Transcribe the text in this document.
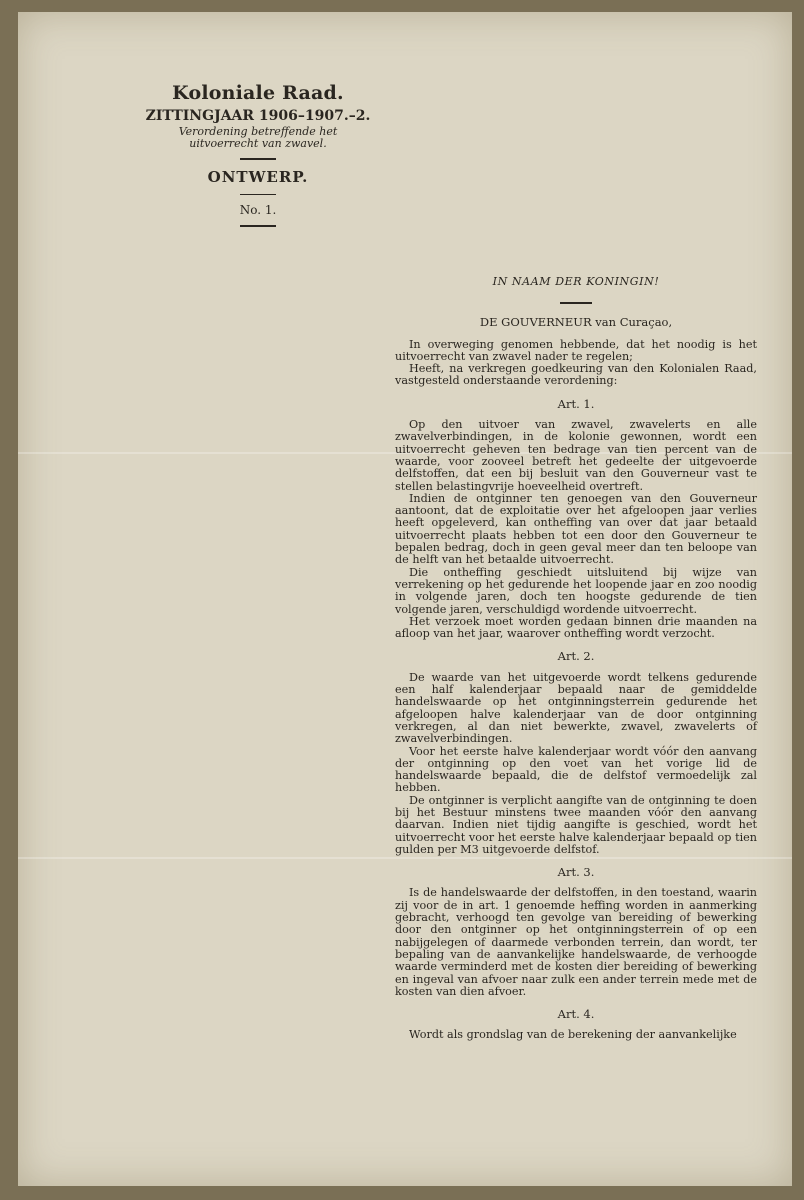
Koloniale Raad.
ZITTINGJAAR 1906–1907.–2.
Verordening betreffende het uitvoerrecht van zwavel.
ONTWERP.
No. 1.
IN NAAM DER KONINGIN!
DE GOUVERNEUR van Curaçao,

In overweging genomen hebbende, dat het noodig is het uitvoerrecht van zwavel nader te regelen;

Heeft, na verkregen goedkeuring van den Kolonialen Raad, vastgesteld onderstaande verordening:

Art. 1.

Op den uitvoer van zwavel, zwavelerts en alle zwavelverbindingen, in de kolonie gewonnen, wordt een uitvoerrecht geheven ten bedrage van tien percent van de waarde, voor zooveel betreft het gedeelte der uitgevoerde delfstoffen, dat een bij besluit van den Gouverneur vast te stellen belastingvrije hoeveelheid overtreft.

Indien de ontginner ten genoegen van den Gouverneur aantoont, dat de exploitatie over het afgeloopen jaar verlies heeft opgeleverd, kan ontheffing van over dat jaar betaald uitvoerrecht plaats hebben tot een door den Gouverneur te bepalen bedrag, doch in geen geval meer dan ten beloope van de helft van het betaalde uitvoerrecht.

Die ontheffing geschiedt uitsluitend bij wijze van verrekening op het gedurende het loopende jaar en zoo noodig in volgende jaren, doch ten hoogste gedurende de tien volgende jaren, verschuldigd wordende uitvoerrecht.

Het verzoek moet worden gedaan binnen drie maanden na afloop van het jaar, waarover ontheffing wordt verzocht.

Art. 2.

De waarde van het uitgevoerde wordt telkens gedurende een half kalenderjaar bepaald naar de gemiddelde handelswaarde op het ontginningsterrein gedurende het afgeloopen halve kalenderjaar van de door ontginning verkregen, al dan niet bewerkte, zwavel, zwavelerts of zwavelverbindingen.

Voor het eerste halve kalenderjaar wordt vóór den aanvang der ontginning op den voet van het vorige lid de handelswaarde bepaald, die de delfstof vermoedelijk zal hebben.

De ontginner is verplicht aangifte van de ontginning te doen bij het Bestuur minstens twee maanden vóór den aanvang daarvan. Indien niet tijdig aangifte is geschied, wordt het uitvoerrecht voor het eerste halve kalenderjaar bepaald op tien gulden per M3 uitgevoerde delfstof.

Art. 3.

Is de handelswaarde der delfstoffen, in den toestand, waarin zij voor de in art. 1 genoemde heffing worden in aanmerking gebracht, verhoogd ten gevolge van bereiding of bewerking door den ontginner op het ontginningsterrein of op een nabijgelegen of daarmede verbonden terrein, dan wordt, ter bepaling van de aanvankelijke handelswaarde, de verhoogde waarde verminderd met de kosten dier bereiding of bewerking en ingeval van afvoer naar zulk een ander terrein mede met de kosten van dien afvoer.

Art. 4.

Wordt als grondslag van de berekening der aanvankelijke
